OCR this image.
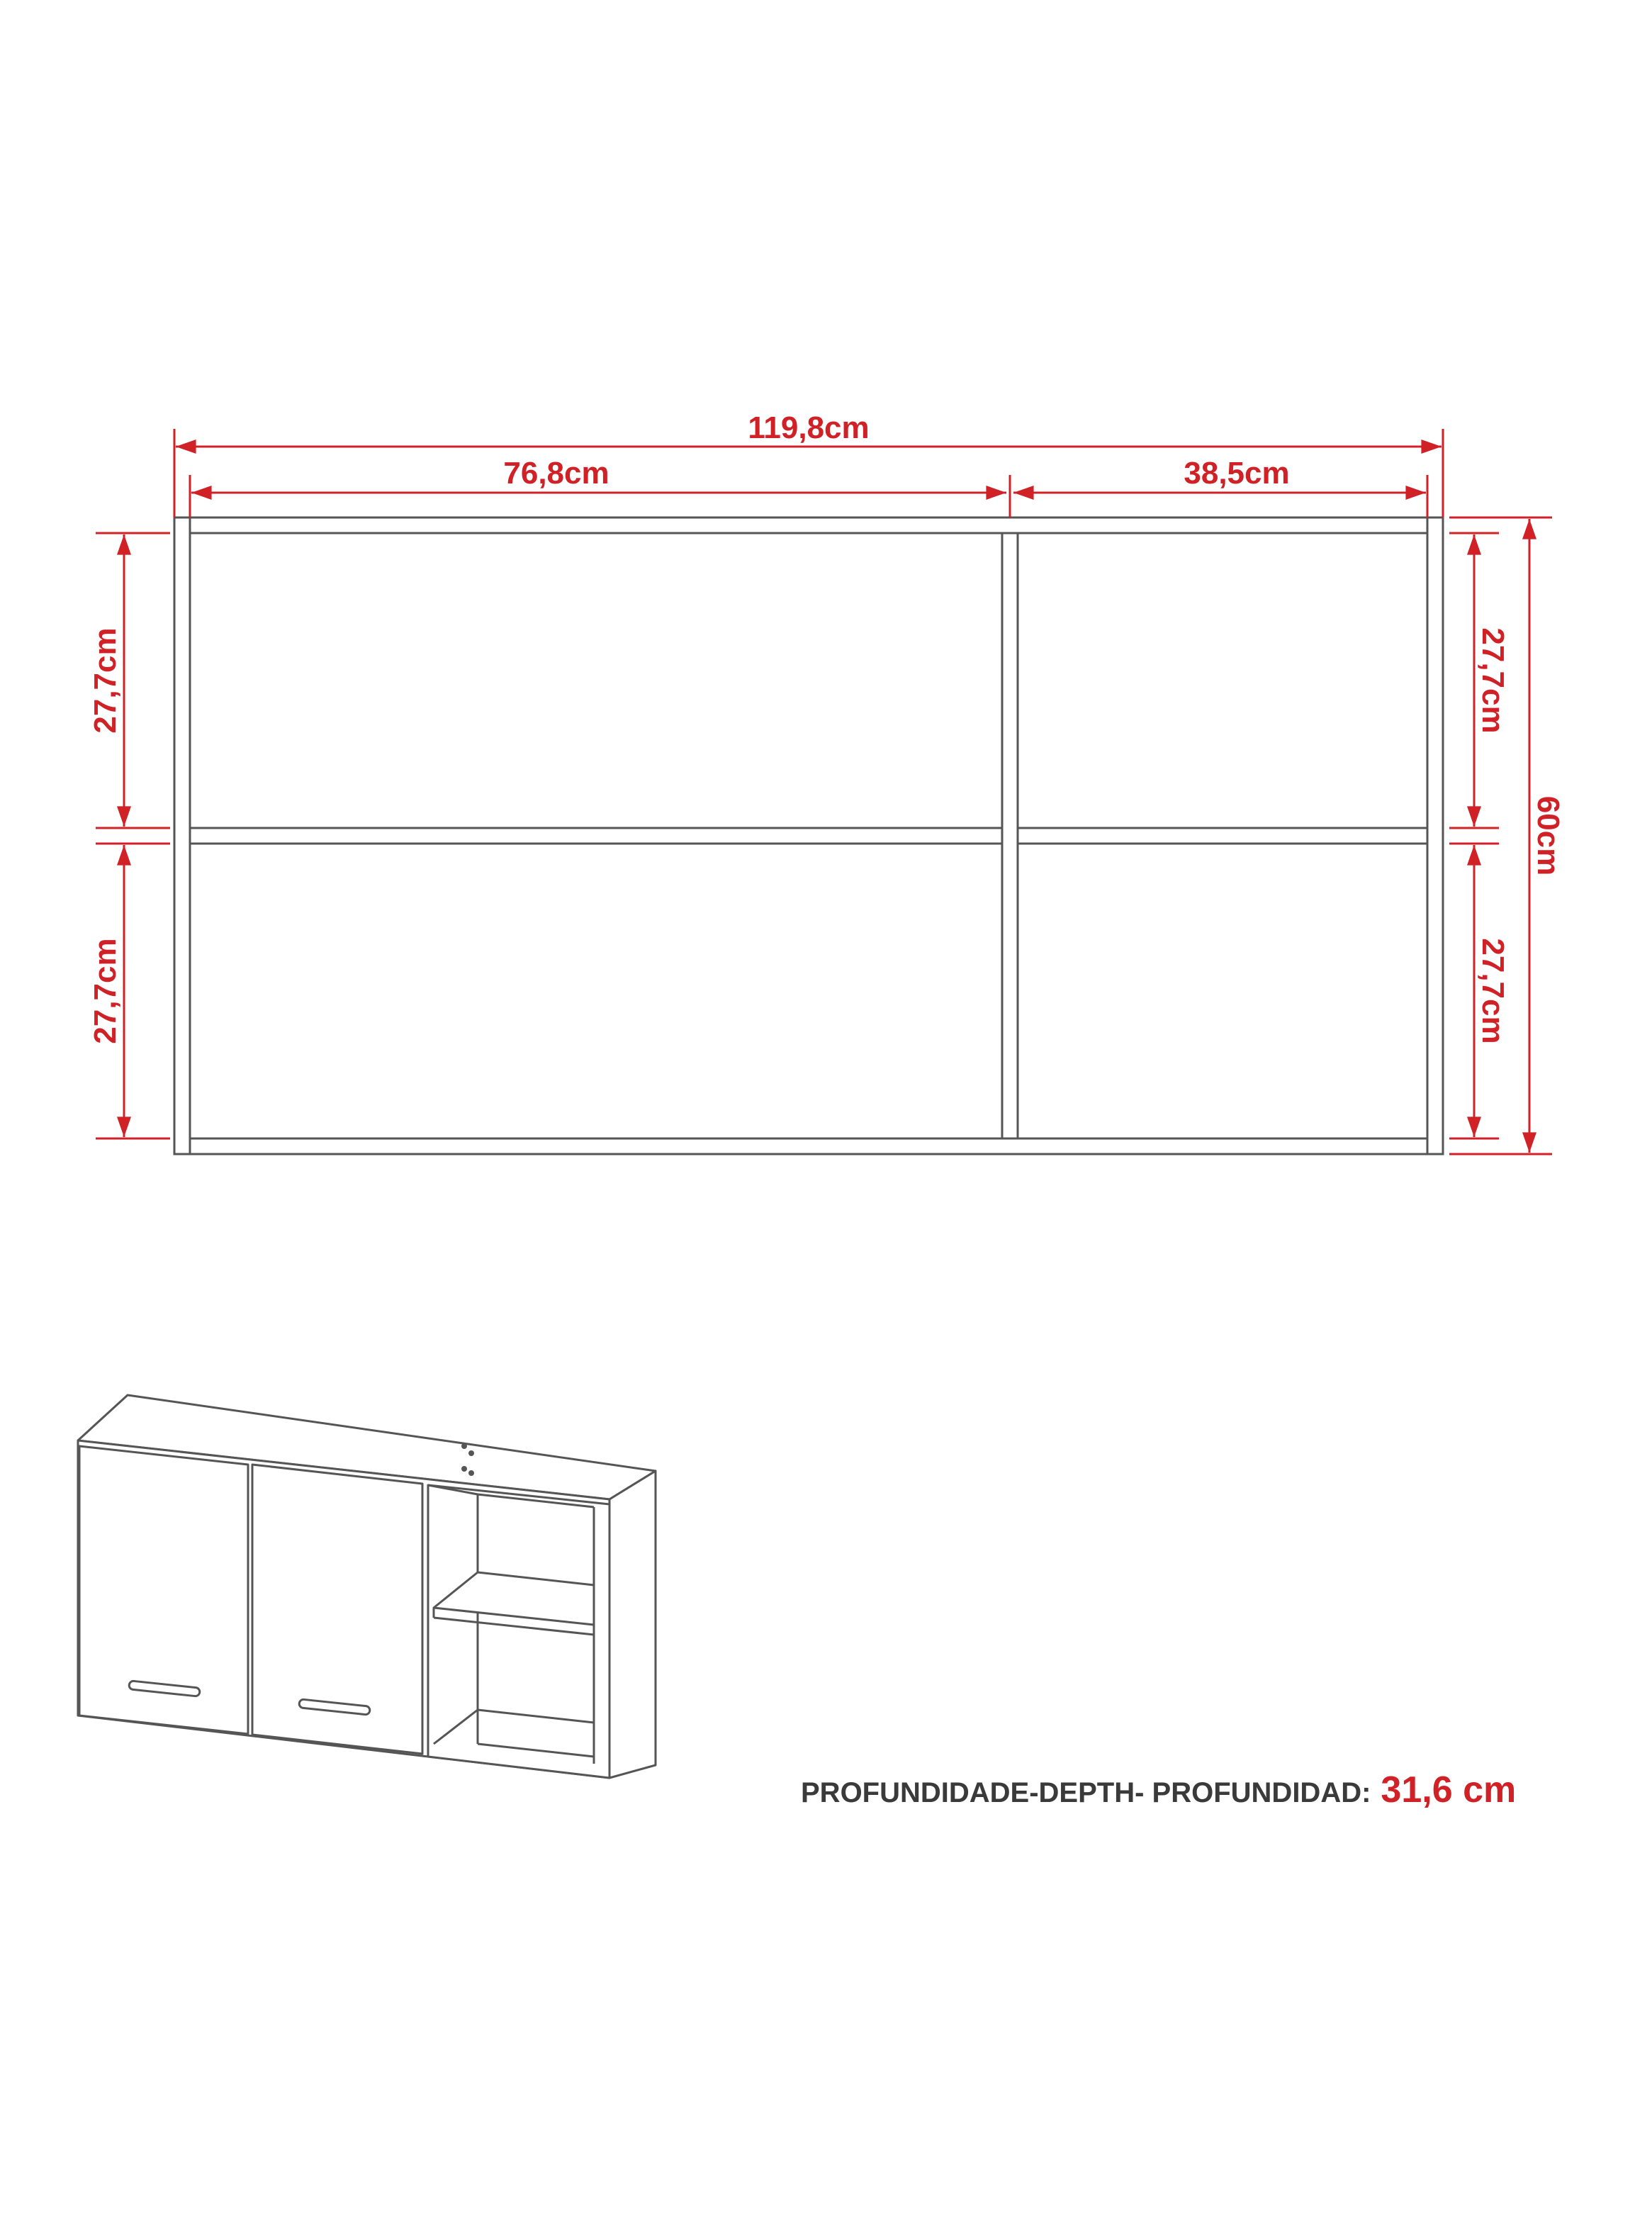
119,8cm
76,8cm	38,5cm
27,7cm
27,7cm
27,7cm
27,7cm
60cm
PROFUNDIDADE-DEPTH- PROFUNDIDAD: 31,6 cm
